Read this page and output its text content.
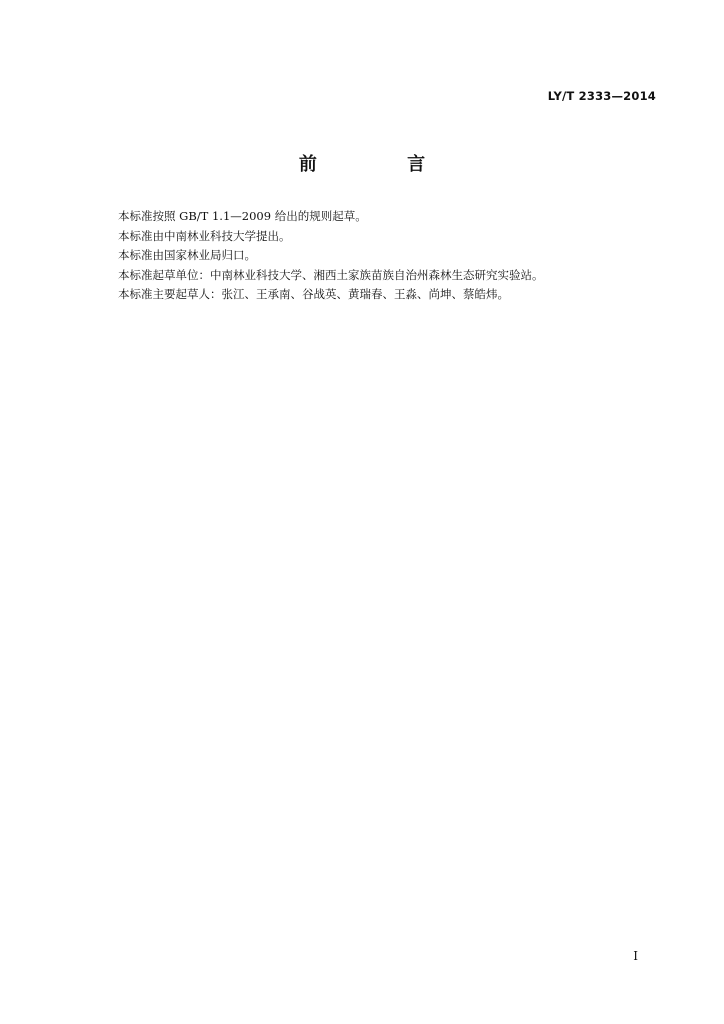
LY/T 2333—2014
前 言

本标准按照 GB/T 1.1—2009 给出的规则起草。

本标准由中南林业科技大学提出。

本标准由国家林业局归口。

本标准起草单位：中南林业科技大学、湘西土家族苗族自治州森林生态研究实验站。

本标准主要起草人：张江、王承南、谷战英、黄瑞春、王淼、尚坤、蔡皓炜。

I
